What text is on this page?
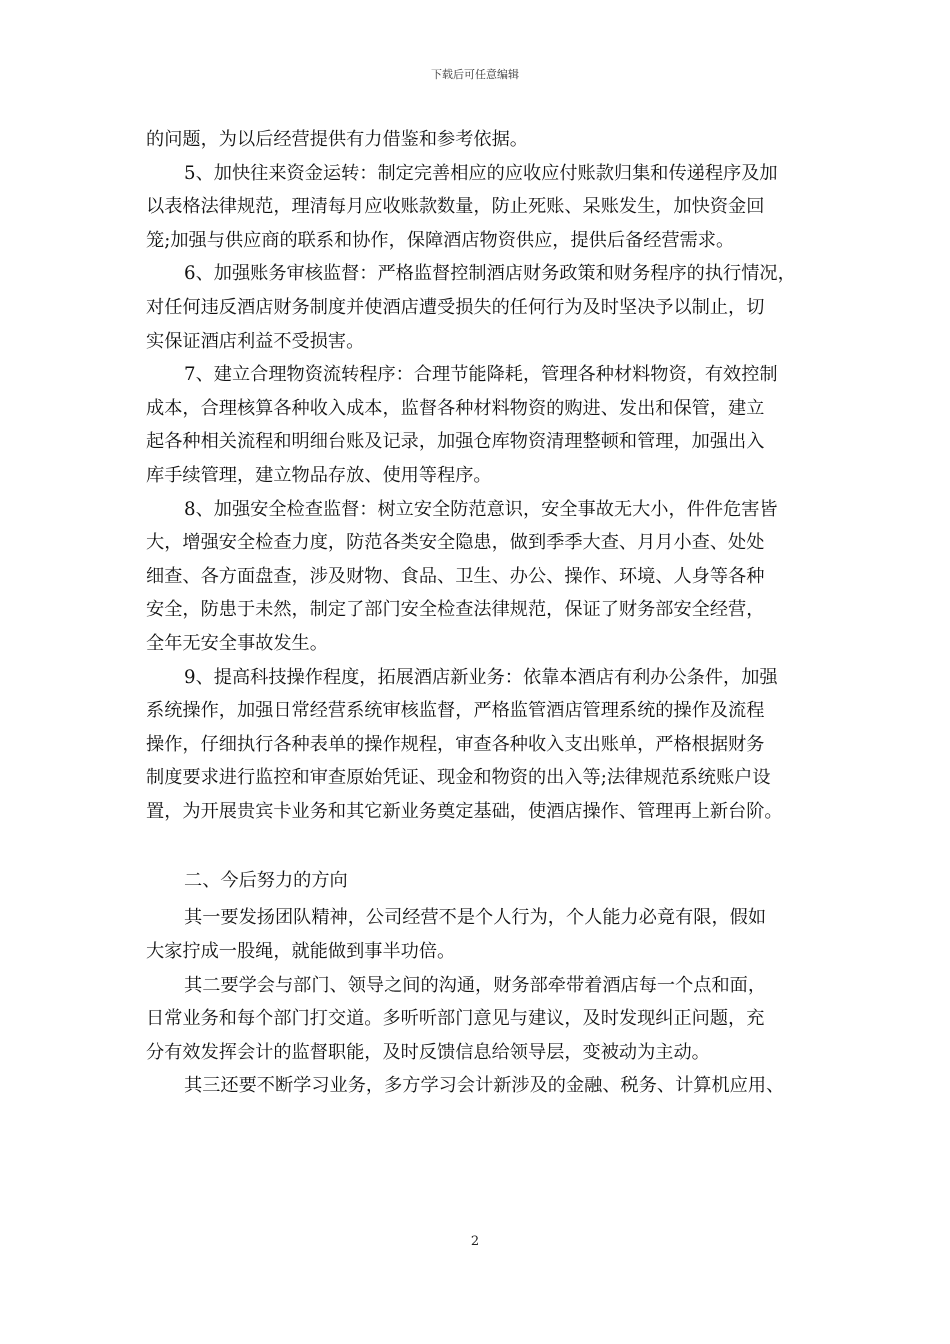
下载后可任意编辑
的问题，为以后经营提供有力借鉴和参考依据。
5、加快往来资金运转：制定完善相应的应收应付账款归集和传递程序及加
以表格法律规范，理清每月应收账款数量，防止死账、呆账发生，加快资金回
笼;加强与供应商的联系和协作，保障酒店物资供应，提供后备经营需求。
6、加强账务审核监督：严格监督控制酒店财务政策和财务程序的执行情况，
对任何违反酒店财务制度并使酒店遭受损失的任何行为及时坚决予以制止，切
实保证酒店利益不受损害。
7、建立合理物资流转程序：合理节能降耗，管理各种材料物资，有效控制
成本，合理核算各种收入成本，监督各种材料物资的购进、发出和保管，建立
起各种相关流程和明细台账及记录，加强仓库物资清理整顿和管理，加强出入
库手续管理，建立物品存放、使用等程序。
8、加强安全检查监督：树立安全防范意识，安全事故无大小，件件危害皆
大，增强安全检查力度，防范各类安全隐患，做到季季大查、月月小查、处处
细查、各方面盘查，涉及财物、食品、卫生、办公、操作、环境、人身等各种
安全，防患于未然，制定了部门安全检查法律规范，保证了财务部安全经营，
全年无安全事故发生。
9、提高科技操作程度，拓展酒店新业务：依靠本酒店有利办公条件，加强
系统操作，加强日常经营系统审核监督，严格监管酒店管理系统的操作及流程
操作，仔细执行各种表单的操作规程，审查各种收入支出账单，严格根据财务
制度要求进行监控和审查原始凭证、现金和物资的出入等;法律规范系统账户设
置，为开展贵宾卡业务和其它新业务奠定基础，使酒店操作、管理再上新台阶。
二、今后努力的方向
其一要发扬团队精神，公司经营不是个人行为，个人能力必竟有限，假如
大家拧成一股绳，就能做到事半功倍。
其二要学会与部门、领导之间的沟通，财务部牵带着酒店每一个点和面，
日常业务和每个部门打交道。多听听部门意见与建议，及时发现纠正问题，充
分有效发挥会计的监督职能，及时反馈信息给领导层，变被动为主动。
其三还要不断学习业务，多方学习会计新涉及的金融、税务、计算机应用、
2
